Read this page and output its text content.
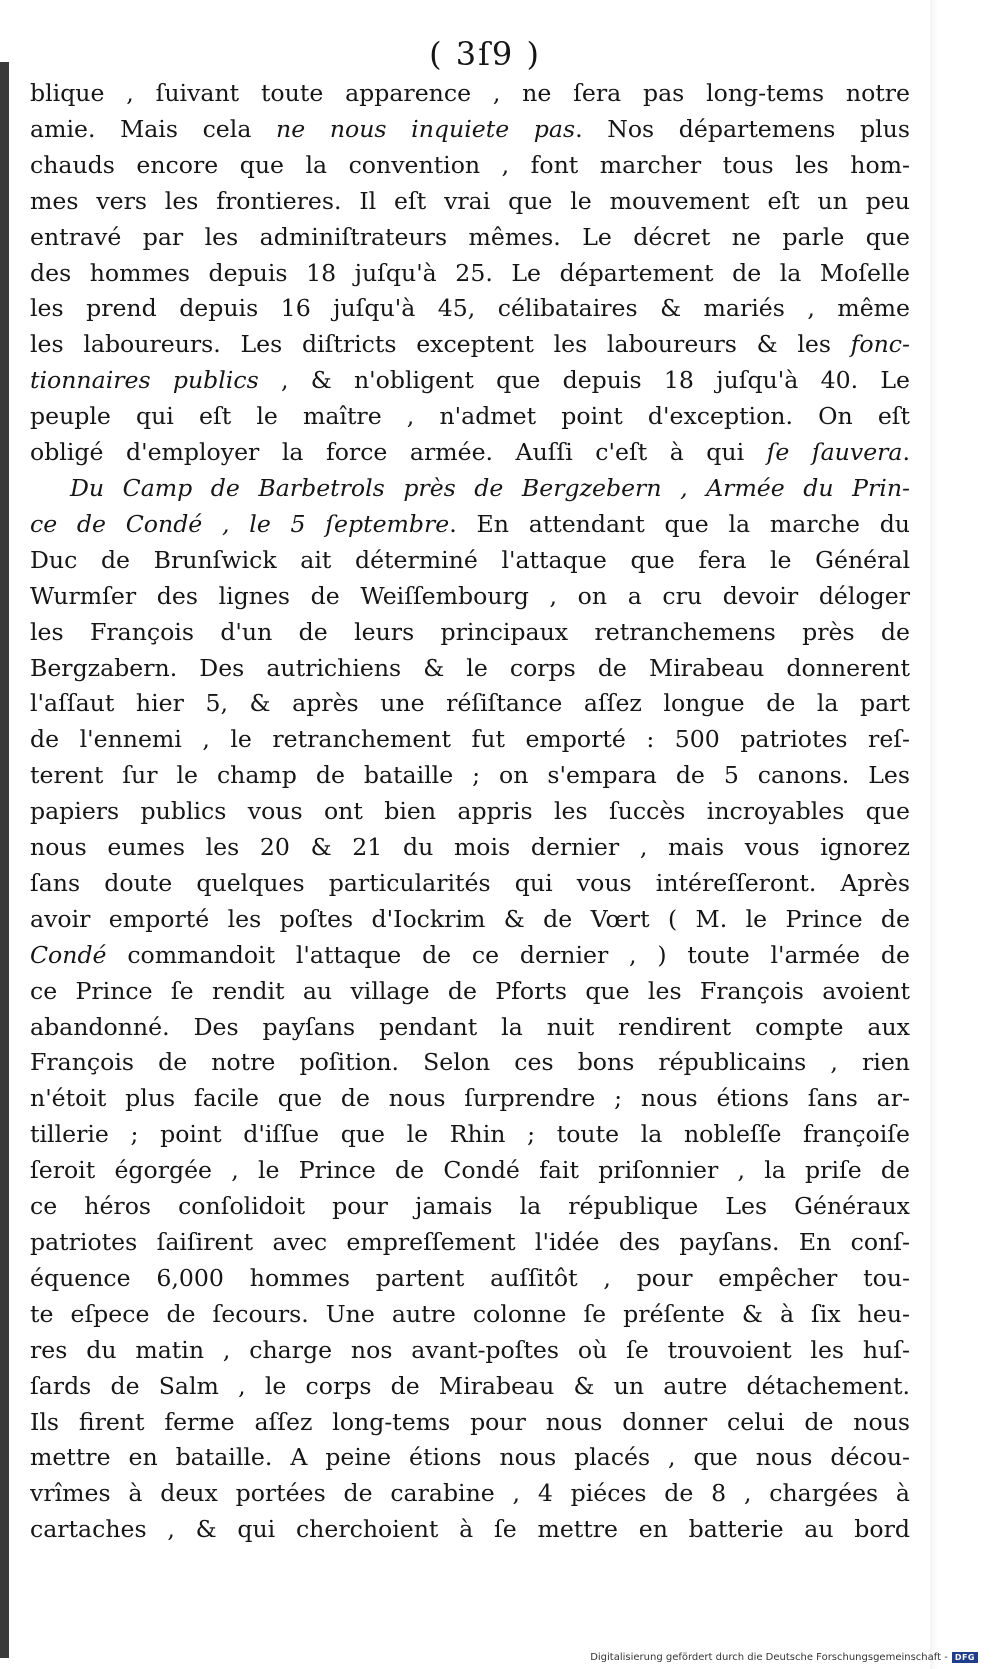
( 3ſ9 )
blique , ſuivant toute apparence , ne ſera pas long-tems notre
amie. Mais cela ne nous inquiete pas. Nos départemens plus
chauds encore que la convention , font marcher tous les hom-
mes vers les frontieres. Il eſt vrai que le mouvement eſt un peu
entravé par les adminiſtrateurs mêmes. Le décret ne parle que
des hommes depuis 18 juſqu'à 25. Le département de la Moſelle
les prend depuis 16 juſqu'à 45, célibataires & mariés , même
les laboureurs. Les diſtricts exceptent les laboureurs & les fonc-
tionnaires publics , & n'obligent que depuis 18 juſqu'à 40. Le
peuple qui eſt le maître , n'admet point d'exception. On eſt
obligé d'employer la force armée. Auſſi c'eſt à qui ſe ſauvera.
Du Camp de Barbetrols près de Bergzebern , Armée du Prin-
ce de Condé , le 5 ſeptembre. En attendant que la marche du
Duc de Brunſwick ait déterminé l'attaque que fera le Général
Wurmſer des lignes de Weiſſembourg , on a cru devoir déloger
les François d'un de leurs principaux retranchemens près de
Bergzabern. Des autrichiens & le corps de Mirabeau donnerent
l'aſſaut hier 5, & après une réſiſtance aſſez longue de la part
de l'ennemi , le retranchement fut emporté : 500 patriotes reſ-
terent ſur le champ de bataille ; on s'empara de 5 canons. Les
papiers publics vous ont bien appris les ſuccès incroyables que
nous eumes les 20 & 21 du mois dernier , mais vous ignorez
ſans doute quelques particularités qui vous intéreſſeront. Après
avoir emporté les poſtes d'Iockrim & de Vœrt ( M. le Prince de
Condé commandoit l'attaque de ce dernier , ) toute l'armée de
ce Prince ſe rendit au village de Pforts que les François avoient
abandonné. Des payſans pendant la nuit rendirent compte aux
François de notre poſition. Selon ces bons républicains , rien
n'étoit plus facile que de nous ſurprendre ; nous étions ſans ar-
tillerie ; point d'iſſue que le Rhin ; toute la nobleſſe françoiſe
ſeroit égorgée , le Prince de Condé fait priſonnier , la priſe de
ce héros conſolidoit pour jamais la république Les Généraux
patriotes ſaiſirent avec empreſſement l'idée des payſans. En conſ-
équence 6,000 hommes partent auſſitôt , pour empêcher tou-
te eſpece de ſecours. Une autre colonne ſe préſente & à ſix heu-
res du matin , charge nos avant-poſtes où ſe trouvoient les huſ-
ſards de Salm , le corps de Mirabeau & un autre détachement.
Ils firent ferme aſſez long-tems pour nous donner celui de nous
mettre en bataille. A peine étions nous placés , que nous décou-
vrîmes à deux portées de carabine , 4 piéces de 8 , chargées à
cartaches , & qui cherchoient à ſe mettre en batterie au bord
Digitalisierung gefördert durch die Deutsche Forschungsgemeinschaft - DFG
